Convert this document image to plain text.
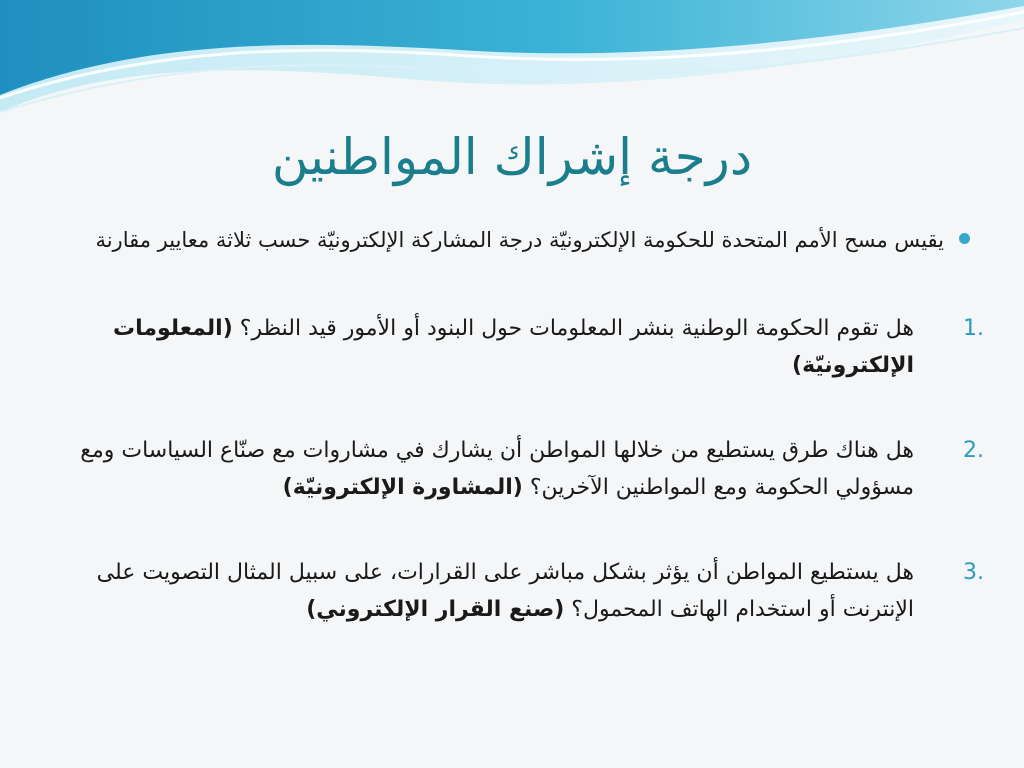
درجة إشراك المواطنين

يقيس مسح الأمم المتحدة للحكومة الإلكترونيّة درجة المشاركة الإلكترونيّة حسب ثلاثة معايير مقارنة

1.
هل تقوم الحكومة الوطنية بنشر المعلومات حول البنود أو الأمور قيد النظر؟ (المعلومات الإلكترونيّة)
2.
هل هناك طرق يستطيع من خلالها المواطن أن يشارك في مشاروات مع صنّاع السياسات ومع مسؤولي الحكومة ومع المواطنين الآخرين؟ (المشاورة الإلكترونيّة)
3.
هل يستطيع المواطن أن يؤثر بشكل مباشر على القرارات، على سبيل المثال التصويت على الإنترنت أو استخدام الهاتف المحمول؟ (صنع القرار الإلكتروني)
